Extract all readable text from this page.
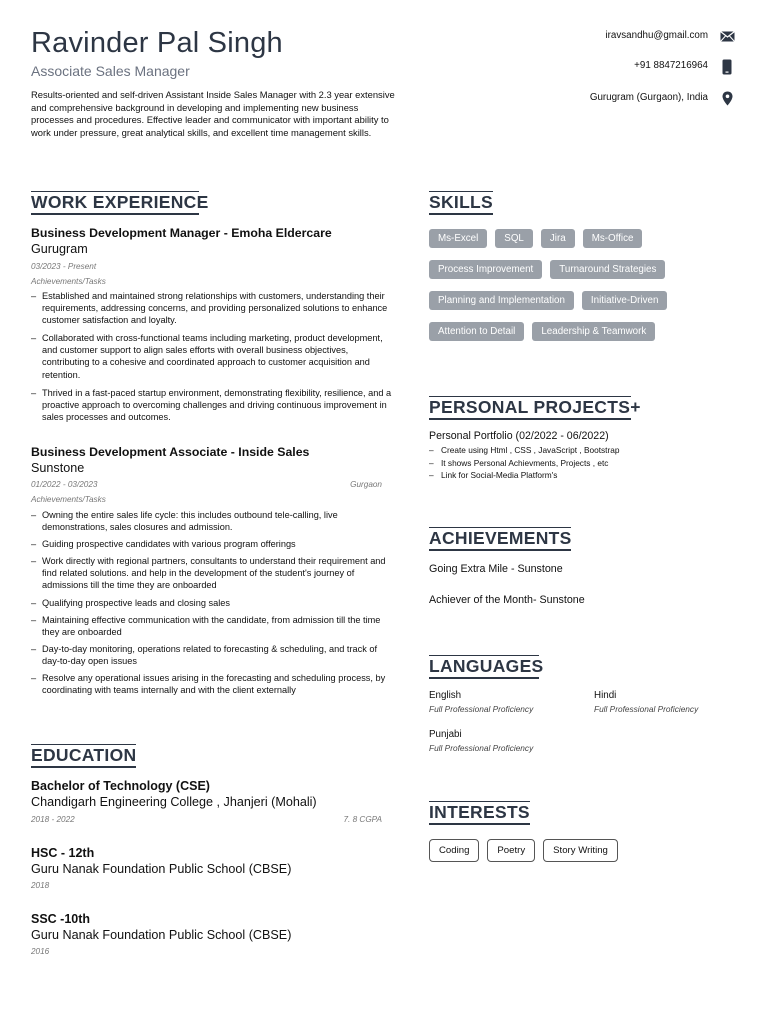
Ravinder Pal Singh
Associate Sales Manager
Results-oriented and self-driven Assistant Inside Sales Manager with 2.3 year extensive and comprehensive background in developing and implementing new business processes and procedures. Effective leader and communicator with important ability to work under pressure, great analytical skills, and excellent time management skills.
iravsandhu@gmail.com
+91 8847216964
Gurugram (Gurgaon), India
WORK EXPERIENCE
Business Development Manager - Emoha Eldercare
Gurugram
03/2023 - Present
Achievements/Tasks
– Established and maintained strong relationships with customers, understanding their requirements, addressing concerns, and providing personalized solutions to enhance customer satisfaction and loyalty.
– Collaborated with cross-functional teams including marketing, product development, and customer support to align sales efforts with overall business objectives, contributing to a cohesive and coordinated approach to customer acquisition and retention.
– Thrived in a fast-paced startup environment, demonstrating flexibility, resilience, and a proactive approach to overcoming challenges and driving continuous improvement in sales processes and outcomes.
Business Development Associate - Inside Sales
Sunstone
01/2022 - 03/2023	Gurgaon
Achievements/Tasks
– Owning the entire sales life cycle: this includes outbound tele-calling, live demonstrations, sales closures and admission.
– Guiding prospective candidates with various program offerings
– Work directly with regional partners, consultants to understand their requirement and find related solutions. and help in the development of the student's journey of admissions till the time they are onboarded
– Qualifying prospective leads and closing sales
– Maintaining effective communication with the candidate, from admission till the time they are onboarded
– Day-to-day monitoring, operations related to forecasting & scheduling, and track of day-to-day open issues
– Resolve any operational issues arising in the forecasting and scheduling process, by coordinating with teams internally and with the client externally
EDUCATION
Bachelor of Technology (CSE)
Chandigarh Engineering College , Jhanjeri (Mohali)
2018 - 2022	7. 8 CGPA
HSC - 12th
Guru Nanak Foundation Public School (CBSE)
2018
SSC -10th
Guru Nanak Foundation Public School (CBSE)
2016
SKILLS
Ms-Excel	SQL	Jira	Ms-Office
Process Improvement	Turnaround Strategies
Planning and Implementation	Initiative-Driven
Attention to Detail	Leadership & Teamwork
PERSONAL PROJECTS+
Personal Portfolio (02/2022 - 06/2022)
– Create using Html , CSS , JavaScript , Bootstrap
– It shows Personal Achievments, Projects , etc
– Link for Social-Media Platform's
ACHIEVEMENTS
Going Extra Mile - Sunstone
Achiever of the Month- Sunstone
LANGUAGES
English
Full Professional Proficiency
Hindi
Full Professional Proficiency
Punjabi
Full Professional Proficiency
INTERESTS
Coding	Poetry	Story Writing
